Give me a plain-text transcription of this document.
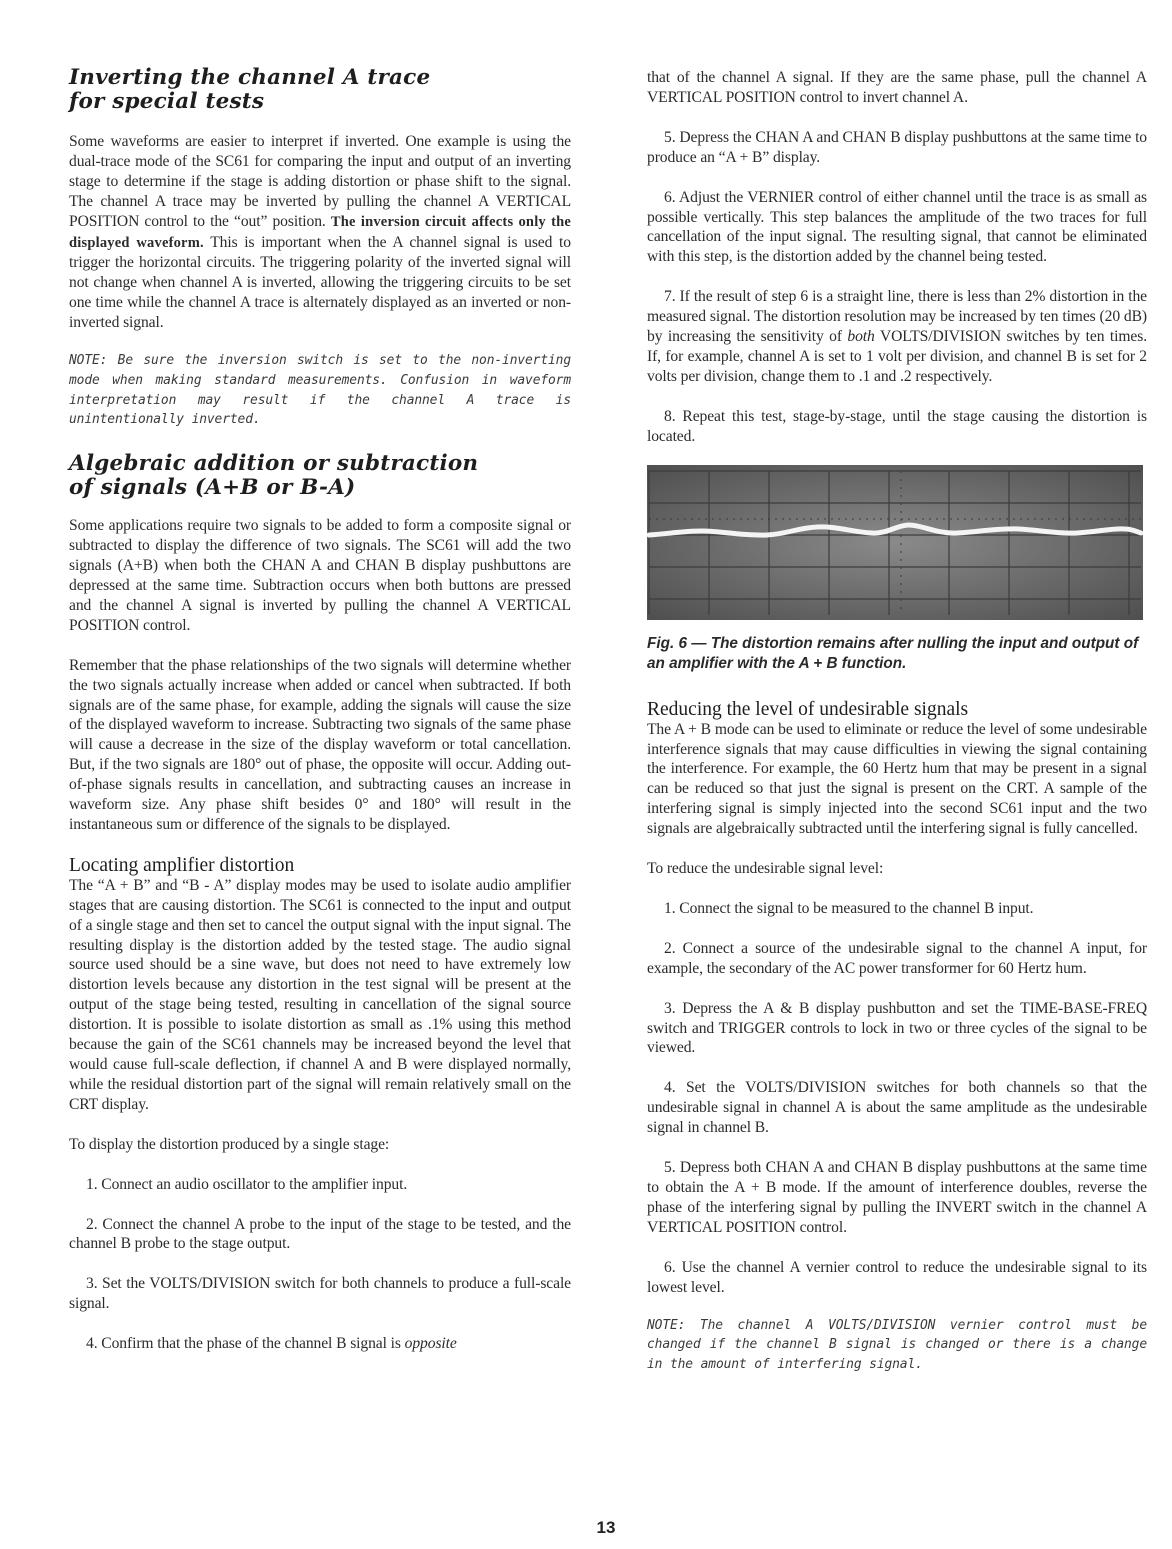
Inverting the channel A trace
for special tests

Some waveforms are easier to interpret if inverted. One example is using the dual-trace mode of the SC61 for comparing the input and output of an inverting stage to determine if the stage is adding distortion or phase shift to the signal. The channel A trace may be inverted by pulling the channel A VERTICAL POSITION control to the “out” position. The inversion circuit affects only the displayed waveform. This is important when the A channel signal is used to trigger the horizontal circuits. The triggering polarity of the inverted signal will not change when channel A is inverted, allowing the triggering circuits to be set one time while the channel A trace is alternately displayed as an inverted or non-inverted signal.

NOTE: Be sure the inversion switch is set to the non-inverting mode when making standard measurements. Confusion in waveform interpretation may result if the channel A trace is unintentionally inverted.

Algebraic addition or subtraction
of signals (A+B or B-A)

Some applications require two signals to be added to form a composite signal or subtracted to display the difference of two signals. The SC61 will add the two signals (A+B) when both the CHAN A and CHAN B display pushbuttons are depressed at the same time. Subtraction occurs when both buttons are pressed and the channel A signal is inverted by pulling the channel A VERTICAL POSITION control.

Remember that the phase relationships of the two signals will determine whether the two signals actually increase when added or cancel when subtracted. If both signals are of the same phase, for example, adding the signals will cause the size of the displayed waveform to increase. Subtracting two signals of the same phase will cause a decrease in the size of the display waveform or total cancellation. But, if the two signals are 180° out of phase, the opposite will occur. Adding out-of-phase signals results in cancellation, and subtracting causes an increase in waveform size. Any phase shift besides 0° and 180° will result in the instantaneous sum or difference of the signals to be displayed.

Locating amplifier distortion

The “A + B” and “B - A” display modes may be used to isolate audio amplifier stages that are causing distortion. The SC61 is connected to the input and output of a single stage and then set to cancel the output signal with the input signal. The resulting display is the distortion added by the tested stage. The audio signal source used should be a sine wave, but does not need to have extremely low distortion levels because any distortion in the test signal will be present at the output of the stage being tested, resulting in cancellation of the signal source distortion. It is possible to isolate distortion as small as .1% using this method because the gain of the SC61 channels may be increased beyond the level that would cause full-scale deflection, if channel A and B were displayed normally, while the residual distortion part of the signal will remain relatively small on the CRT display.

To display the distortion produced by a single stage:

1. Connect an audio oscillator to the amplifier input.

2. Connect the channel A probe to the input of the stage to be tested, and the channel B probe to the stage output.

3. Set the VOLTS/DIVISION switch for both channels to produce a full-scale signal.

4. Confirm that the phase of the channel B signal is opposite

that of the channel A signal. If they are the same phase, pull the channel A VERTICAL POSITION control to invert channel A.

5. Depress the CHAN A and CHAN B display pushbuttons at the same time to produce an “A + B” display.

6. Adjust the VERNIER control of either channel until the trace is as small as possible vertically. This step balances the amplitude of the two traces for full cancellation of the input signal. The resulting signal, that cannot be eliminated with this step, is the distortion added by the channel being tested.

7. If the result of step 6 is a straight line, there is less than 2% distortion in the measured signal. The distortion resolution may be increased by ten times (20 dB) by increasing the sensitivity of both VOLTS/DIVISION switches by ten times. If, for example, channel A is set to 1 volt per division, and channel B is set for 2 volts per division, change them to .1 and .2 respectively.

8. Repeat this test, stage-by-stage, until the stage causing the distortion is located.

Fig. 6 — The distortion remains after nulling the input and output of an amplifier with the A + B function.
Reducing the level of undesirable signals

The A + B mode can be used to eliminate or reduce the level of some undesirable interference signals that may cause difficulties in viewing the signal containing the interference. For example, the 60 Hertz hum that may be present in a signal can be reduced so that just the signal is present on the CRT. A sample of the interfering signal is simply injected into the second SC61 input and the two signals are algebraically subtracted until the interfering signal is fully cancelled.

To reduce the undesirable signal level:

1. Connect the signal to be measured to the channel B input.

2. Connect a source of the undesirable signal to the channel A input, for example, the secondary of the AC power transformer for 60 Hertz hum.

3. Depress the A & B display pushbutton and set the TIME-BASE-FREQ switch and TRIGGER controls to lock in two or three cycles of the signal to be viewed.

4. Set the VOLTS/DIVISION switches for both channels so that the undesirable signal in channel A is about the same amplitude as the undesirable signal in channel B.

5. Depress both CHAN A and CHAN B display pushbuttons at the same time to obtain the A + B mode. If the amount of interference doubles, reverse the phase of the interfering signal by pulling the INVERT switch in the channel A VERTICAL POSITION control.

6. Use the channel A vernier control to reduce the undesirable signal to its lowest level.

NOTE: The channel A VOLTS/DIVISION vernier control must be changed if the channel B signal is changed or there is a change in the amount of interfering signal.

13
